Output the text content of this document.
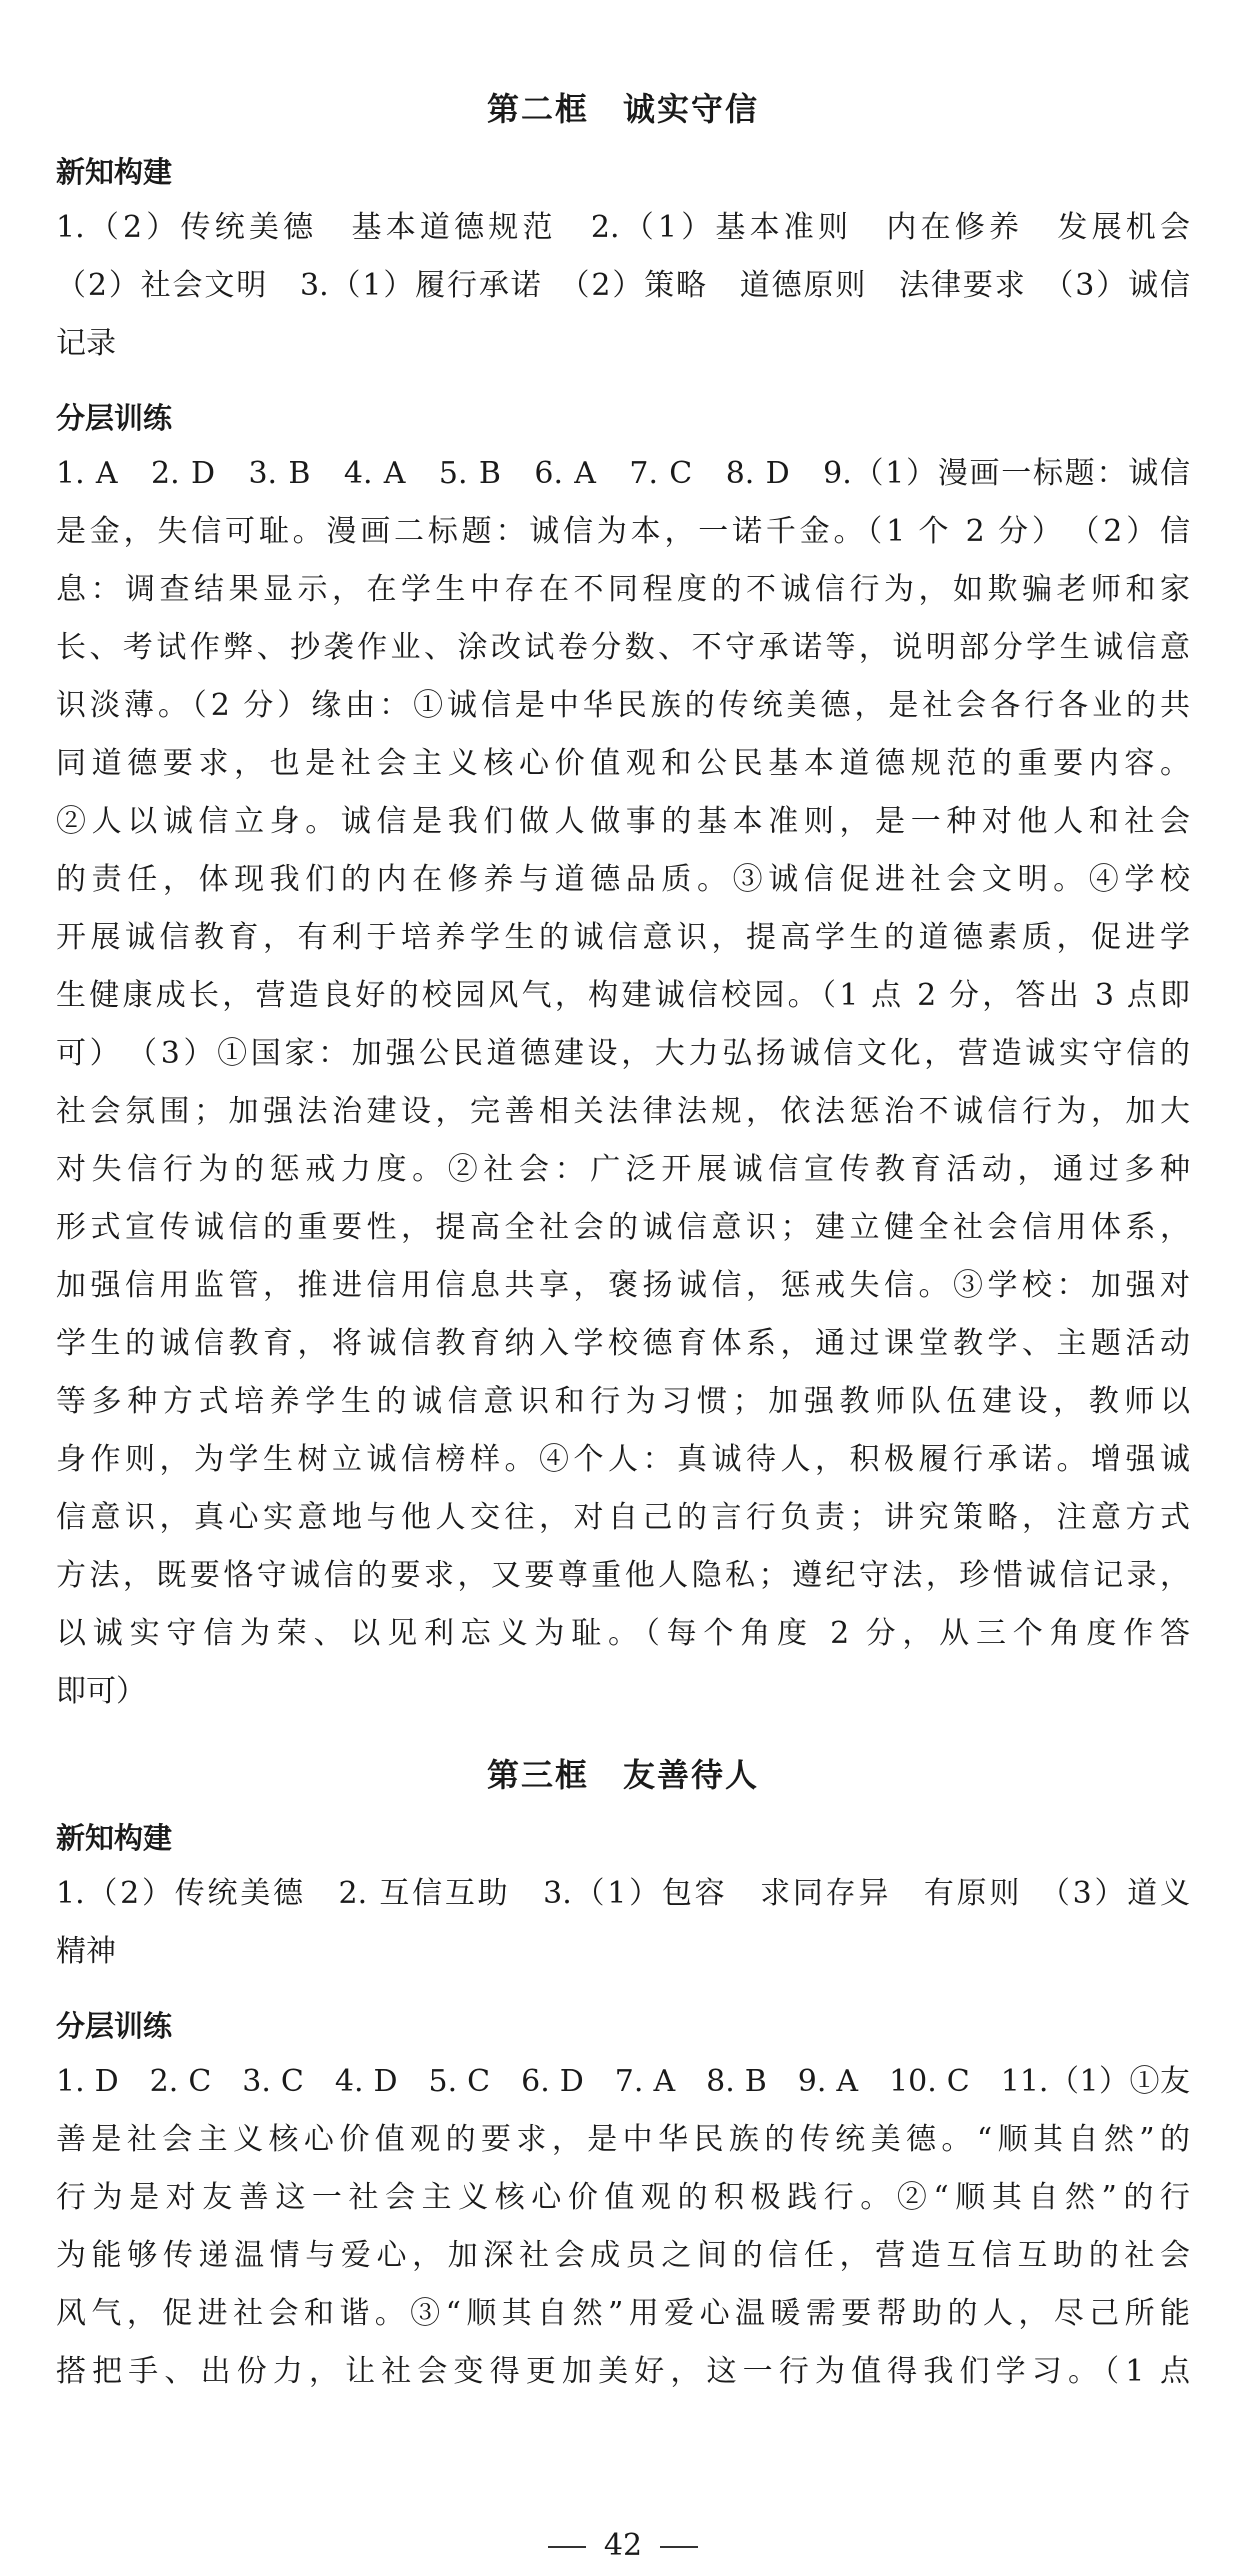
第二框　诚实守信
新知构建
1.（2）传统美德　基本道德规范　2.（1）基本准则　内在修养　发展机会
（2）社会文明　3.（1）履行承诺　（2）策略　道德原则　法律要求　（3）诚信
记录
分层训练
1. A　2. D　3. B　4. A　5. B　6. A　7. C　8. D　9.（1）漫画一标题：诚信
是金，失信可耻。漫画二标题：诚信为本，一诺千金。（1 个 2 分）　（2）信
息：调查结果显示，在学生中存在不同程度的不诚信行为，如欺骗老师和家
长、考试作弊、抄袭作业、涂改试卷分数、不守承诺等，说明部分学生诚信意
识淡薄。（2 分）缘由：①诚信是中华民族的传统美德，是社会各行各业的共
同道德要求，也是社会主义核心价值观和公民基本道德规范的重要内容。
②人以诚信立身。诚信是我们做人做事的基本准则，是一种对他人和社会
的责任，体现我们的内在修养与道德品质。③诚信促进社会文明。④学校
开展诚信教育，有利于培养学生的诚信意识，提高学生的道德素质，促进学
生健康成长，营造良好的校园风气，构建诚信校园。（1 点 2 分，答出 3 点即
可）　（3）①国家：加强公民道德建设，大力弘扬诚信文化，营造诚实守信的
社会氛围；加强法治建设，完善相关法律法规，依法惩治不诚信行为，加大
对失信行为的惩戒力度。②社会：广泛开展诚信宣传教育活动，通过多种
形式宣传诚信的重要性，提高全社会的诚信意识；建立健全社会信用体系，
加强信用监管，推进信用信息共享，褒扬诚信，惩戒失信。③学校：加强对
学生的诚信教育，将诚信教育纳入学校德育体系，通过课堂教学、主题活动
等多种方式培养学生的诚信意识和行为习惯；加强教师队伍建设，教师以
身作则，为学生树立诚信榜样。④个人：真诚待人，积极履行承诺。增强诚
信意识，真心实意地与他人交往，对自己的言行负责；讲究策略，注意方式
方法，既要恪守诚信的要求，又要尊重他人隐私；遵纪守法，珍惜诚信记录，
以诚实守信为荣、以见利忘义为耻。（每个角度 2 分，从三个角度作答
即可）
第三框　友善待人
新知构建
1.（2）传统美德　2. 互信互助　3.（1）包容　求同存异　有原则　（3）道义
精神
分层训练
1. D　2. C　3. C　4. D　5. C　6. D　7. A　8. B　9. A　10. C　11.（1）①友
善是社会主义核心价值观的要求，是中华民族的传统美德。“顺其自然”的
行为是对友善这一社会主义核心价值观的积极践行。②“顺其自然”的行
为能够传递温情与爱心，加深社会成员之间的信任，营造互信互助的社会
风气，促进社会和谐。③“顺其自然”用爱心温暖需要帮助的人，尽己所能
搭把手、出份力，让社会变得更加美好，这一行为值得我们学习。（1 点
42
